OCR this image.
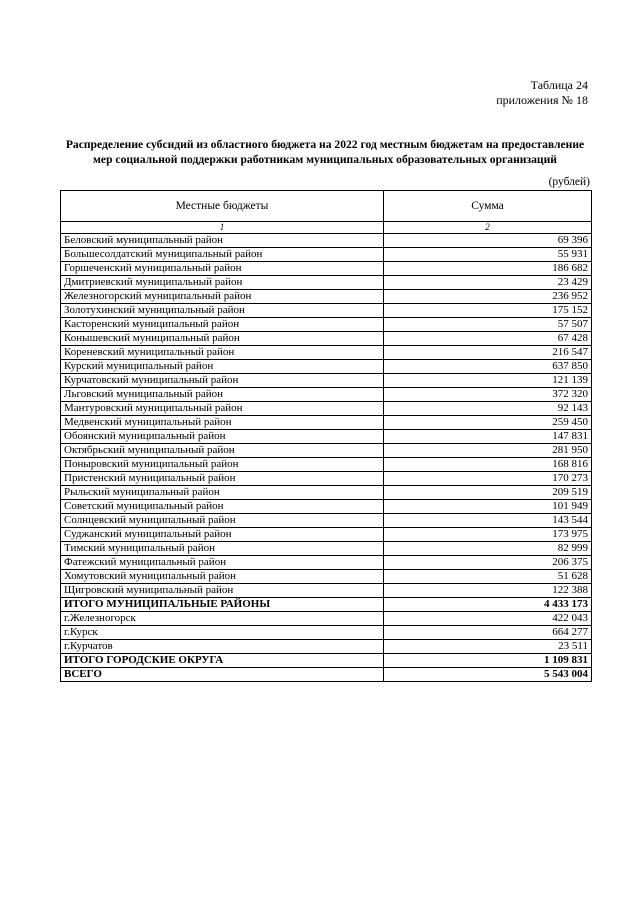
Таблица 24
приложения № 18
Распределение субсидий из областного бюджета на 2022 год местным бюджетам на предоставление
мер социальной поддержки работникам муниципальных образовательных организаций
(рублей)
Местные бюджеты	Сумма
1	2
Беловский муниципальный район	69 396
Большесолдатский муниципальный район	55 931
Горшеченский муниципальный район	186 682
Дмитриевский муниципальный район	23 429
Железногорский муниципальный район	236 952
Золотухинский муниципальный район	175 152
Касторенский муниципальный район	57 507
Конышевский муниципальный район	67 428
Кореневский муниципальный район	216 547
Курский муниципальный район	637 850
Курчатовский муниципальный район	121 139
Льговский муниципальный район	372 320
Мантуровский муниципальный район	92 143
Медвенский муниципальный район	259 450
Обоянский муниципальный район	147 831
Октябрьский муниципальный район	281 950
Поныровский муниципальный район	168 816
Пристенский муниципальный район	170 273
Рыльский муниципальный район	209 519
Советский муниципальный район	101 949
Солнцевский муниципальный район	143 544
Суджанский муниципальный район	173 975
Тимский муниципальный район	82 999
Фатежский муниципальный район	206 375
Хомутовский муниципальный район	51 628
Щигровский муниципальный район	122 388
ИТОГО МУНИЦИПАЛЬНЫЕ РАЙОНЫ	4 433 173
г.Железногорск	422 043
г.Курск	664 277
г.Курчатов	23 511
ИТОГО ГОРОДСКИЕ ОКРУГА	1 109 831
ВСЕГО	5 543 004
